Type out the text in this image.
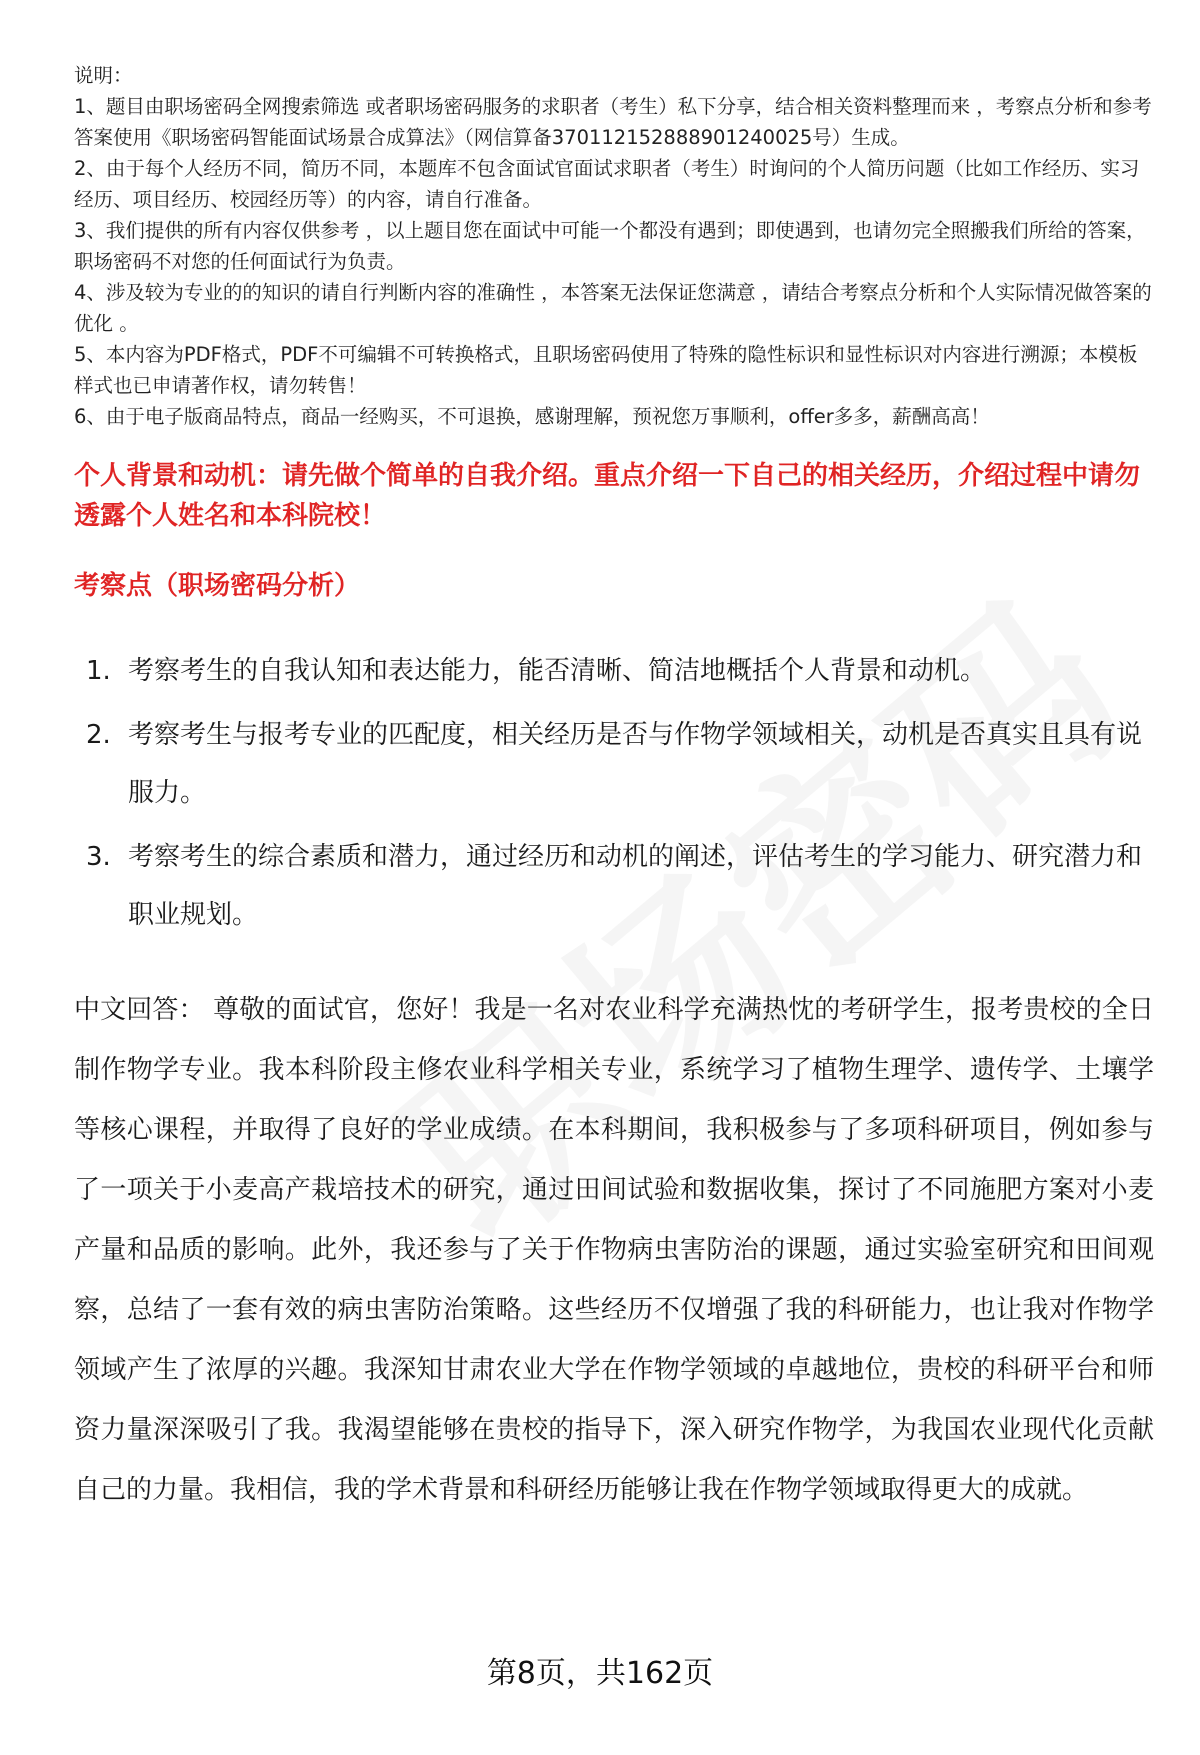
说明：

1、题目由职场密码全网搜索筛选 或者职场密码服务的求职者（考生）私下分享，结合相关资料整理而来 ，考察点分析和参考答案使用《职场密码智能面试场景合成算法》（网信算备370112152888901240025号）生成。

2、由于每个人经历不同，简历不同，本题库不包含面试官面试求职者（考生）时询问的个人简历问题（比如工作经历、实习经历、项目经历、校园经历等）的内容，请自行准备。

3、我们提供的所有内容仅供参考 ，以上题目您在面试中可能一个都没有遇到；即使遇到，也请勿完全照搬我们所给的答案，职场密码不对您的任何面试行为负责。

4、涉及较为专业的的知识的请自行判断内容的准确性 ，本答案无法保证您满意 ，请结合考察点分析和个人实际情况做答案的优化 。

5、本内容为PDF格式，PDF不可编辑不可转换格式，且职场密码使用了特殊的隐性标识和显性标识对内容进行溯源；本模板样式也已申请著作权，请勿转售！

6、由于电子版商品特点，商品一经购买，不可退换，感谢理解，预祝您万事顺利，offer多多，薪酬高高！

个人背景和动机：请先做个简单的自我介绍。重点介绍一下自己的相关经历，介绍过程中请勿透露个人姓名和本科院校！

考察点（职场密码分析）

1. 考察考生的自我认知和表达能力，能否清晰、简洁地概括个人背景和动机。
2. 考察考生与报考专业的匹配度，相关经历是否与作物学领域相关，动机是否真实且具有说服力。
3. 考察考生的综合素质和潜力，通过经历和动机的阐述，评估考生的学习能力、研究潜力和职业规划。

中文回答： 尊敬的面试官，您好！我是一名对农业科学充满热忱的考研学生，报考贵校的全日制作物学专业。我本科阶段主修农业科学相关专业，系统学习了植物生理学、遗传学、土壤学等核心课程，并取得了良好的学业成绩。在本科期间，我积极参与了多项科研项目，例如参与了一项关于小麦高产栽培技术的研究，通过田间试验和数据收集，探讨了不同施肥方案对小麦产量和品质的影响。此外，我还参与了关于作物病虫害防治的课题，通过实验室研究和田间观察，总结了一套有效的病虫害防治策略。这些经历不仅增强了我的科研能力，也让我对作物学领域产生了浓厚的兴趣。我深知甘肃农业大学在作物学领域的卓越地位，贵校的科研平台和师资力量深深吸引了我。我渴望能够在贵校的指导下，深入研究作物学，为我国农业现代化贡献自己的力量。我相信，我的学术背景和科研经历能够让我在作物学领域取得更大的成就。

第8页，共162页
